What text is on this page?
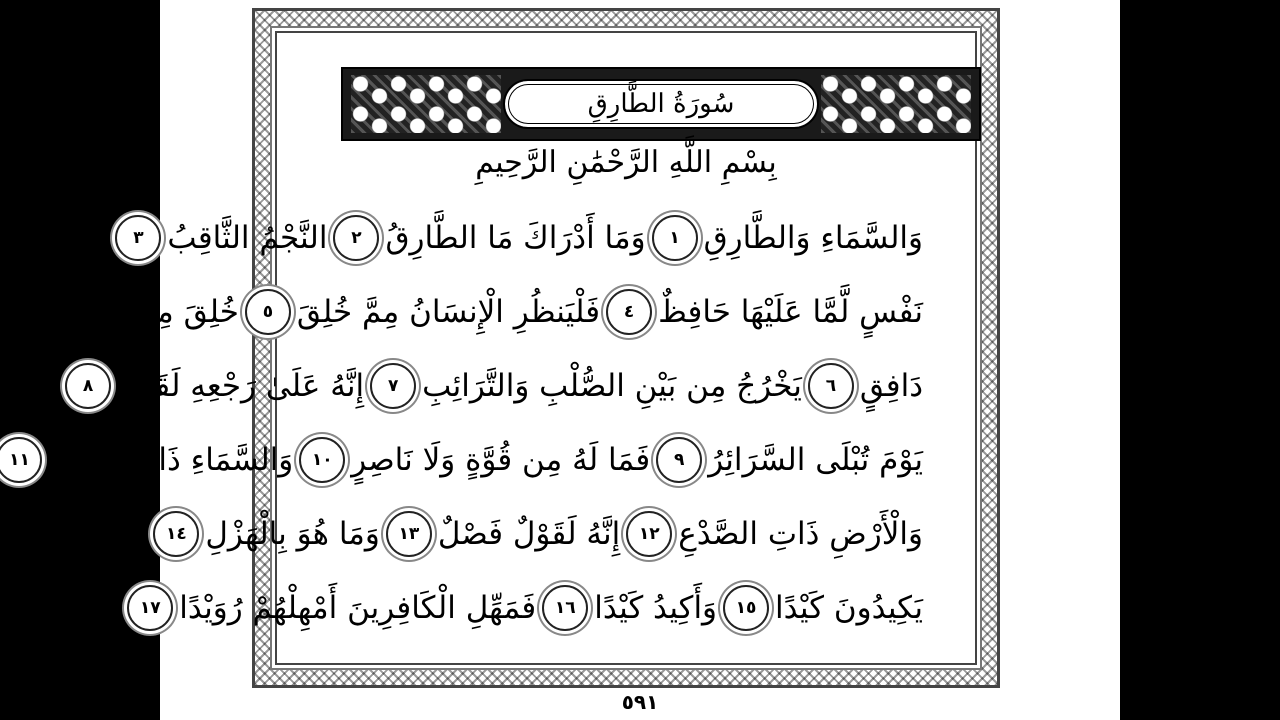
سُورَةُ الطَّارِقِ
بِسْمِ اللَّهِ الرَّحْمَٰنِ الرَّحِيمِ
وَالسَّمَاءِ وَالطَّارِقِ
١
وَمَا أَدْرَاكَ مَا الطَّارِقُ
٢
النَّجْمُ الثَّاقِبُ
٣
إِن كُلُّ
نَفْسٍ لَّمَّا عَلَيْهَا حَافِظٌ
٤
فَلْيَنظُرِ الْإِنسَانُ مِمَّ خُلِقَ
٥
خُلِقَ مِن مَّاءٍ
دَافِقٍ
٦
يَخْرُجُ مِن بَيْنِ الصُّلْبِ وَالتَّرَائِبِ
٧
إِنَّهُ عَلَىٰ رَجْعِهِ لَقَادِرٌ
٨
يَوْمَ تُبْلَى السَّرَائِرُ
٩
فَمَا لَهُ مِن قُوَّةٍ وَلَا نَاصِرٍ
١٠
وَالسَّمَاءِ ذَاتِ الرَّجْعِ
١١
وَالْأَرْضِ ذَاتِ الصَّدْعِ
١٢
إِنَّهُ لَقَوْلٌ فَصْلٌ
١٣
وَمَا هُوَ بِالْهَزْلِ
١٤
إِنَّهُمْ
يَكِيدُونَ كَيْدًا
١٥
وَأَكِيدُ كَيْدًا
١٦
فَمَهِّلِ الْكَافِرِينَ أَمْهِلْهُمْ رُوَيْدًا
١٧
٥٩١
